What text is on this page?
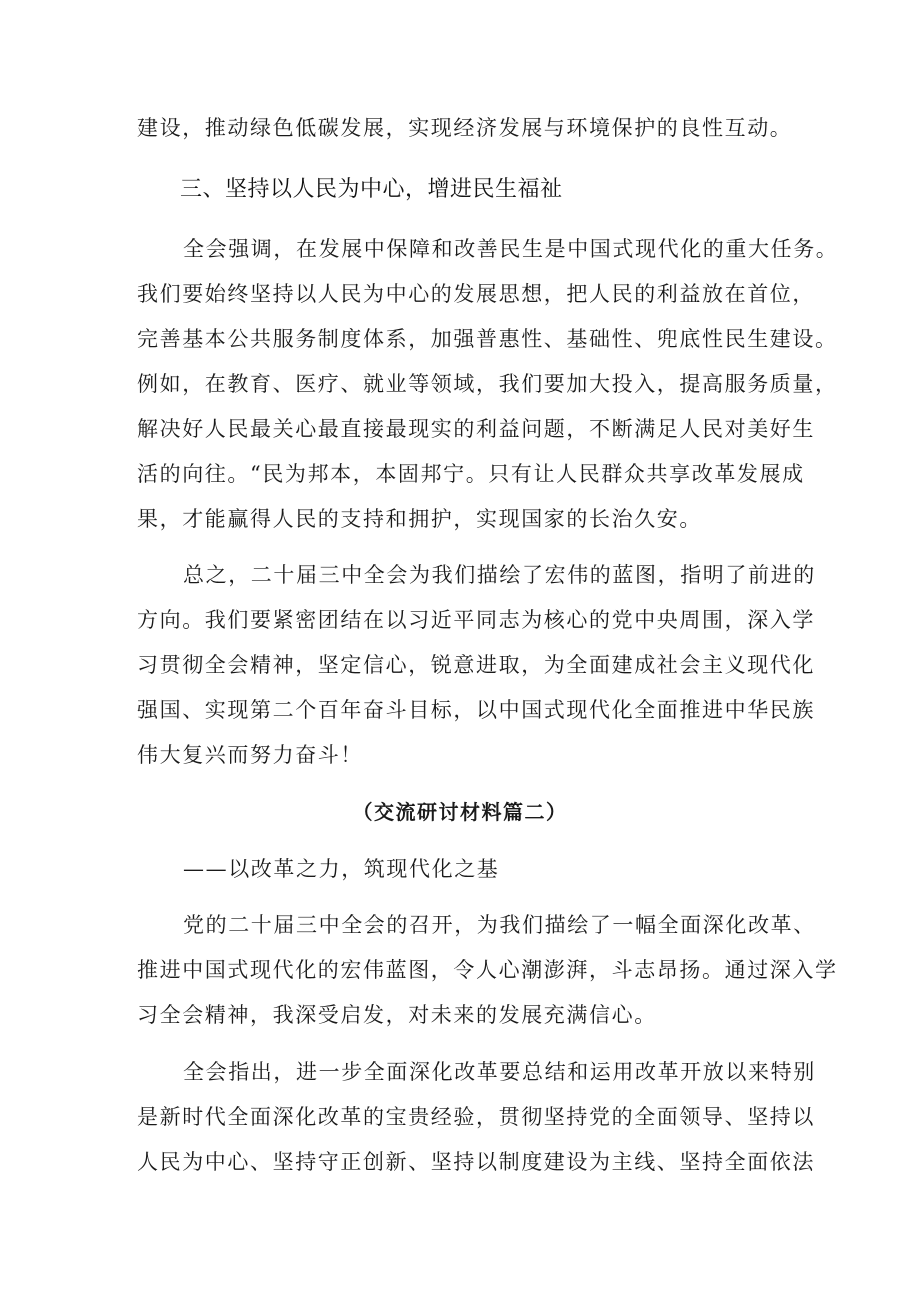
建设，推动绿色低碳发展，实现经济发展与环境保护的良性互动。
三、坚持以人民为中心，增进民生福祉
全会强调，在发展中保障和改善民生是中国式现代化的重大任务。
我们要始终坚持以人民为中心的发展思想，把人民的利益放在首位，
完善基本公共服务制度体系，加强普惠性、基础性、兜底性民生建设。
例如，在教育、医疗、就业等领域，我们要加大投入，提高服务质量，
解决好人民最关心最直接最现实的利益问题，不断满足人民对美好生
活的向往。“民为邦本，本固邦宁。只有让人民群众共享改革发展成
果，才能赢得人民的支持和拥护，实现国家的长治久安。
总之，二十届三中全会为我们描绘了宏伟的蓝图，指明了前进的
方向。我们要紧密团结在以习近平同志为核心的党中央周围，深入学
习贯彻全会精神，坚定信心，锐意进取，为全面建成社会主义现代化
强国、实现第二个百年奋斗目标，以中国式现代化全面推进中华民族
伟大复兴而努力奋斗！
（交流研讨材料篇二）
——以改革之力，筑现代化之基
党的二十届三中全会的召开，为我们描绘了一幅全面深化改革、
推进中国式现代化的宏伟蓝图，令人心潮澎湃，斗志昂扬。通过深入学
习全会精神，我深受启发，对未来的发展充满信心。
全会指出，进一步全面深化改革要总结和运用改革开放以来特别
是新时代全面深化改革的宝贵经验，贯彻坚持党的全面领导、坚持以
人民为中心、坚持守正创新、坚持以制度建设为主线、坚持全面依法
